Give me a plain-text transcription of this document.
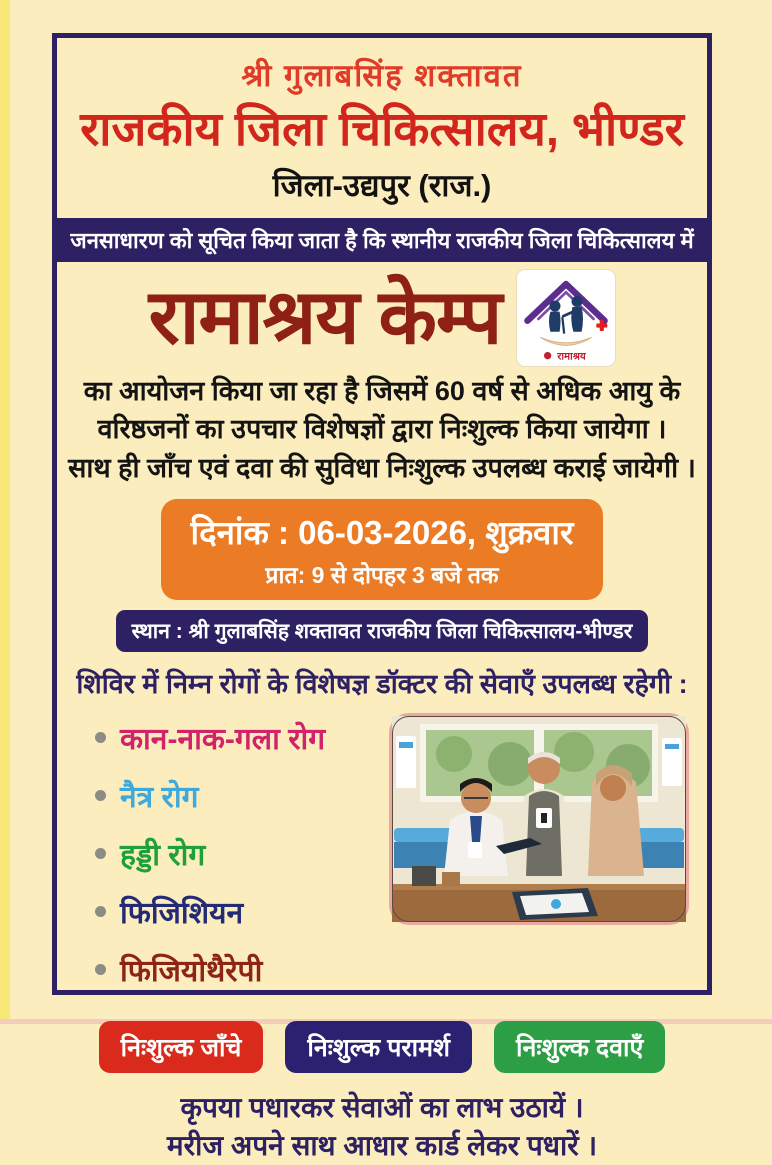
श्री गुलाबसिंह शक्तावत
राजकीय जिला चिकित्सालय, भीण्डर
जिला-उद्यपुर (राज.)
जनसाधारण को सूचित किया जाता है कि स्थानीय राजकीय जिला चिकित्सालय में
रामाश्रय केम्प	रामाश्रय

का आयोजन किया जा रहा है जिसमें 60 वर्ष से अधिक आयु के

वरिष्ठजनों का उपचार विशेषज्ञों द्वारा निःशुल्क किया जायेगा ।

साथ ही जाँच एवं दवा की सुविधा निःशुल्क उपलब्ध कराई जायेगी ।

दिनांक : 06-03-2026, शुक्रवार
प्रात: 9 से दोपहर 3 बजे तक
स्थान : श्री गुलाबसिंह शक्तावत राजकीय जिला चिकित्सालय-भीण्डर
शिविर में निम्न रोगों के विशेषज्ञ डॉक्टर की सेवाएँ उपलब्ध रहेगी :
कान-नाक-गला रोग
नैत्र रोग
हड्डी रोग
फिजिशियन
फिजियोथैरेपी
निःशुल्क जाँचे	निःशुल्क परामर्श	निःशुल्क दवाएँ

कृपया पधारकर सेवाओं का लाभ उठायें ।

मरीज अपने साथ आधार कार्ड लेकर पधारें ।
